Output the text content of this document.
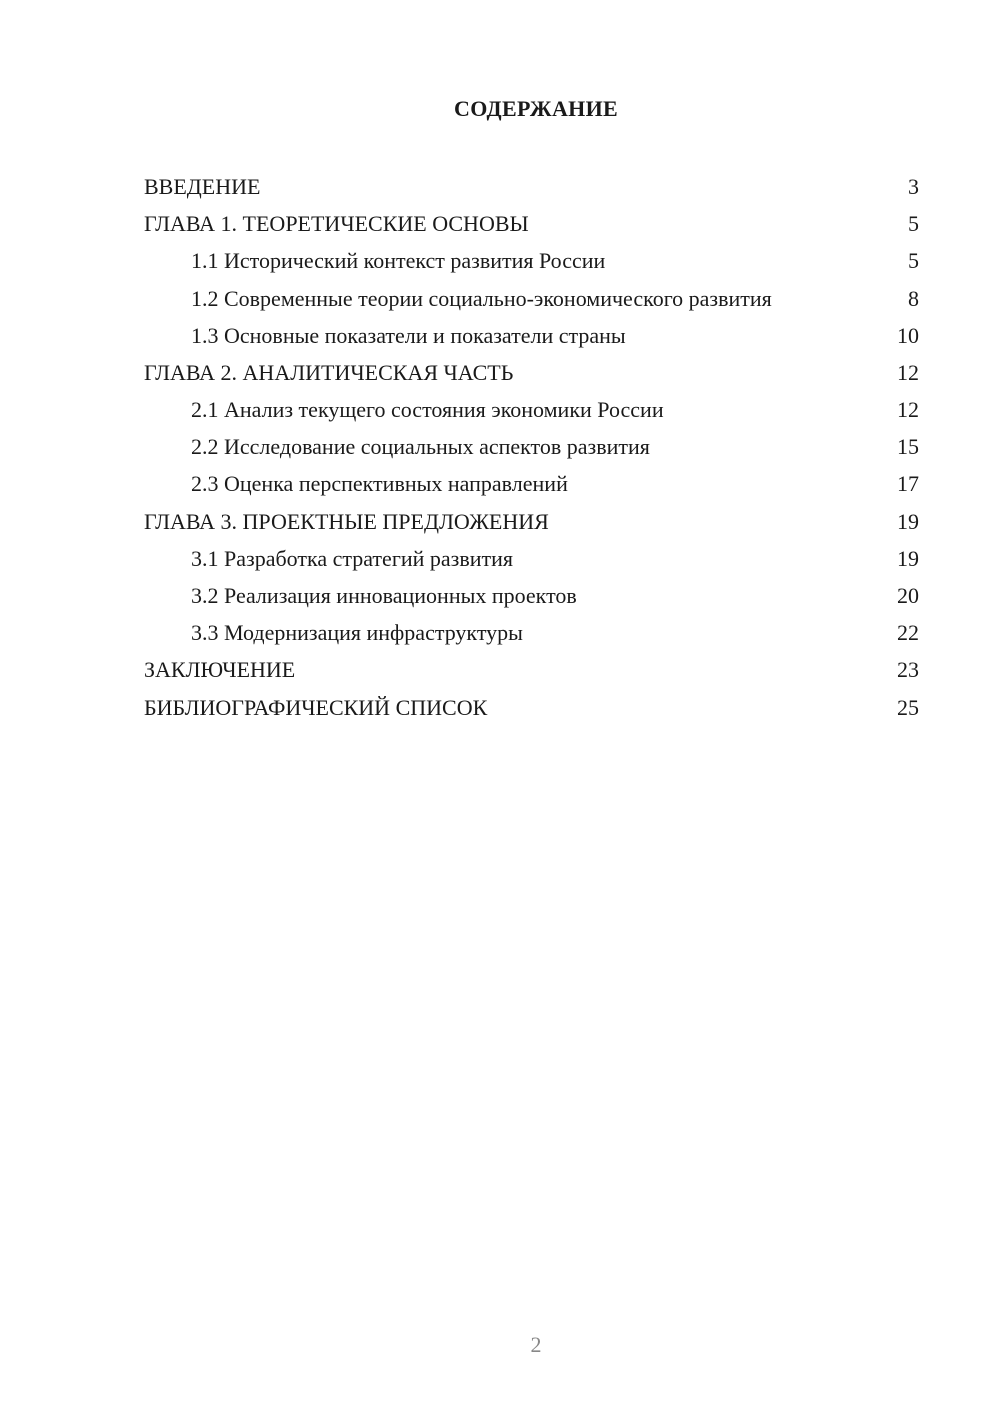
СОДЕРЖАНИЕ
ВВЕДЕНИЕ	3
ГЛАВА 1. ТЕОРЕТИЧЕСКИЕ ОСНОВЫ	5
1.1 Исторический контекст развития России	5
1.2 Современные теории социально-экономического развития	8
1.3 Основные показатели и показатели страны	10
ГЛАВА 2. АНАЛИТИЧЕСКАЯ ЧАСТЬ	12
2.1 Анализ текущего состояния экономики России	12
2.2 Исследование социальных аспектов развития	15
2.3 Оценка перспективных направлений	17
ГЛАВА 3. ПРОЕКТНЫЕ ПРЕДЛОЖЕНИЯ	19
3.1 Разработка стратегий развития	19
3.2 Реализация инновационных проектов	20
3.3 Модернизация инфраструктуры	22
ЗАКЛЮЧЕНИЕ	23
БИБЛИОГРАФИЧЕСКИЙ СПИСОК	25
2
